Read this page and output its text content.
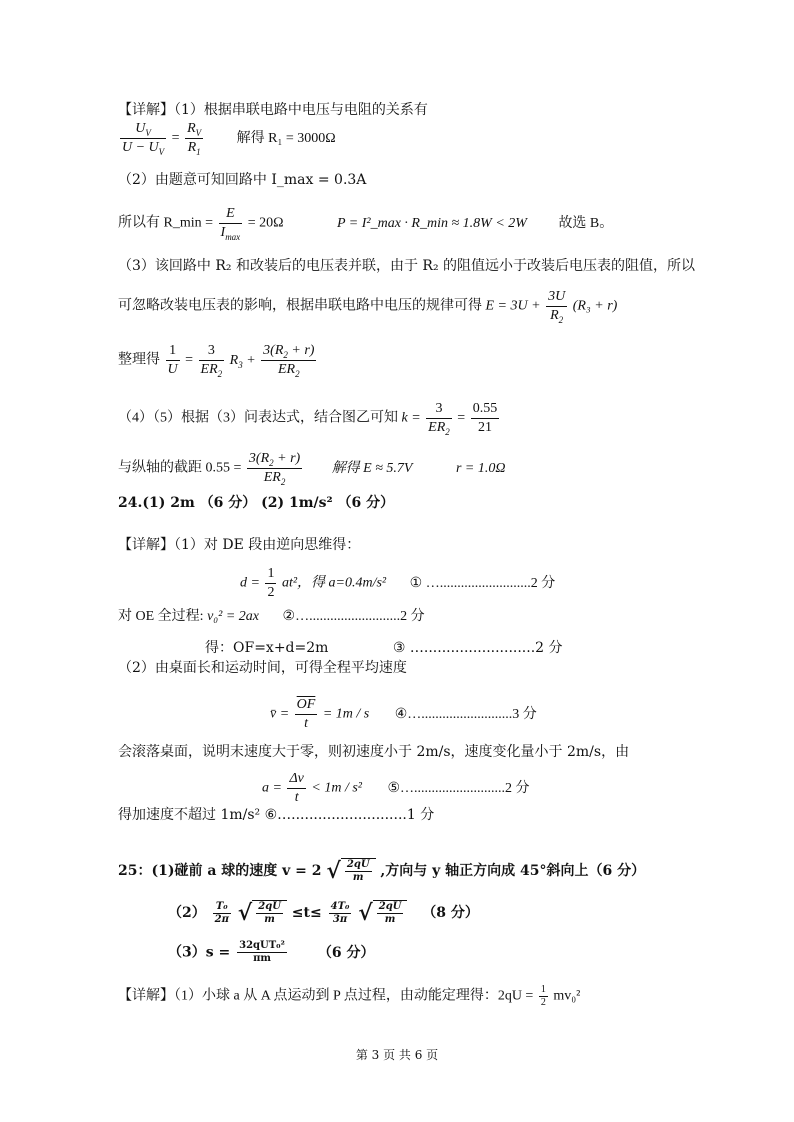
【详解】（1）根据串联电路中电压与电阻的关系有
$\frac{U_V}{U - U_V} = \frac{R_V}{R_1}$ 解得 R₁ = 3000Ω
（2）由题意可知回路中 I_max = 0.3A
所以有 R_min =
E
$I_{max}$
= 20Ω	P = I²_max · R_min ≈ 1.8W < 2W 故选 B。
（3）该回路中 R₂ 和改装后的电压表并联，由于 R₂ 的阻值远小于改装后电压表的阻值，所以
可忽略改装电压表的影响，根据串联电路中电压的规律可得 $E = 3U + \frac{3U}{R_2} (R_3 + r)$
整理得 $\frac{1}{U} = \frac{3}{ER_2} R_3 + \frac{3(R_2 + r)}{ER_2}$
（4）（5）根据（3）问表达式，结合图乙可知 $k = \frac{3}{ER_2} = \frac{0.55}{21}$
与纵轴的截距 $0.55 = \frac{3(R_2 + r)}{ER_2}$ 解得 E ≈ 5.7V	r = 1.0Ω
24.(1) 2m （6 分） (2) 1m/s² （6 分）
【详解】（1）对 DE 段由逆向思维得：
$d = \frac{1}{2} at^2$，得 a=0.4m/s² ① …..........................2 分
对 OE 全过程: v₀² = 2ax ②…..........................2 分
得：OF=x+d=2m	③ ….........................2 分
（2）由桌面长和运动时间，可得全程平均速度
v̄ = $\frac{\overline{OF}}{t} = 1m / s$ ④…..........................3 分
会滚落桌面，说明末速度大于零，则初速度小于 2m/s，速度变化量小于 2m/s，由
$a = \frac{\Delta v}{t} < 1m / s^2$ ⑤…..........................2 分
得加速度不超过 1m/s² ⑥…..........................1 分
25：(1)碰前 a 球的速度 v = 2 √ $\frac{2qU}{m}$ ,方向与 y 轴正方向成 45°斜向上（6 分）
$(2) \frac{\text{T₀}}{2\pi}$ √ $\frac{2qU}{m} \le t\le \frac{\text{4T₀}}{3\pi}$ √ $\frac{2qU}{m} (8$ 分）
（3）s = 32qUT₀²
πm	（6 分）
【详解】（1）小球 a 从 A 点运动到 P 点过程，由动能定理得：$2qU = \frac{1}{2} mv_0^2$
第 3 页 共 6 页
